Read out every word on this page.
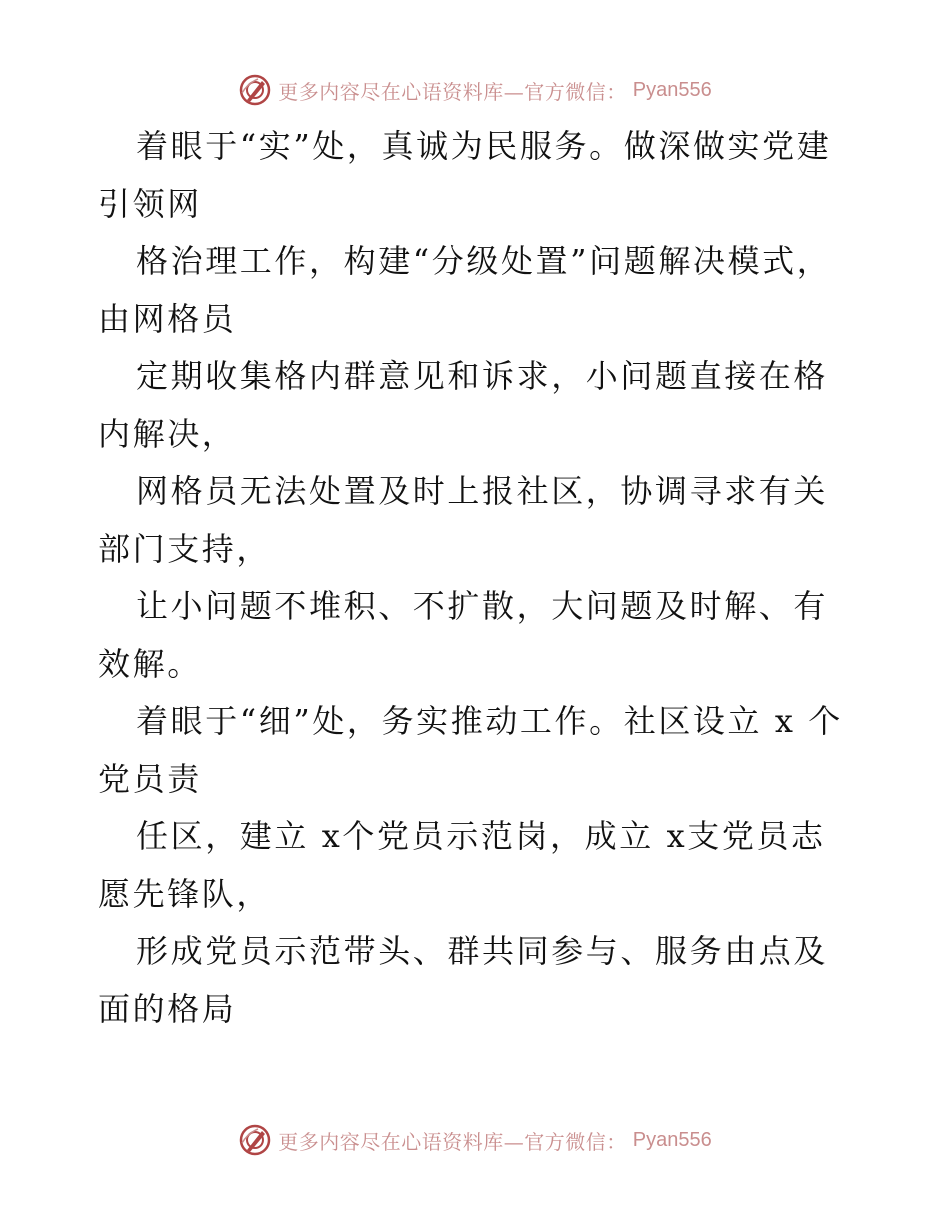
更多内容尽在心语资料库—官方微信： Pyan556

着眼于“实”处，真诚为民服务。做深做实党建引领网

格治理工作，构建“分级处置”问题解决模式，由网格员

定期收集格内群意见和诉求，小问题直接在格内解决，

网格员无法处置及时上报社区，协调寻求有关部门支持，

让小问题不堆积、不扩散，大问题及时解、有效解。

着眼于“细”处，务实推动工作。社区设立 x 个党员责

任区，建立 x个党员示范岗，成立 x支党员志愿先锋队，

形成党员示范带头、群共同参与、服务由点及面的格局

更多内容尽在心语资料库—官方微信： Pyan556
